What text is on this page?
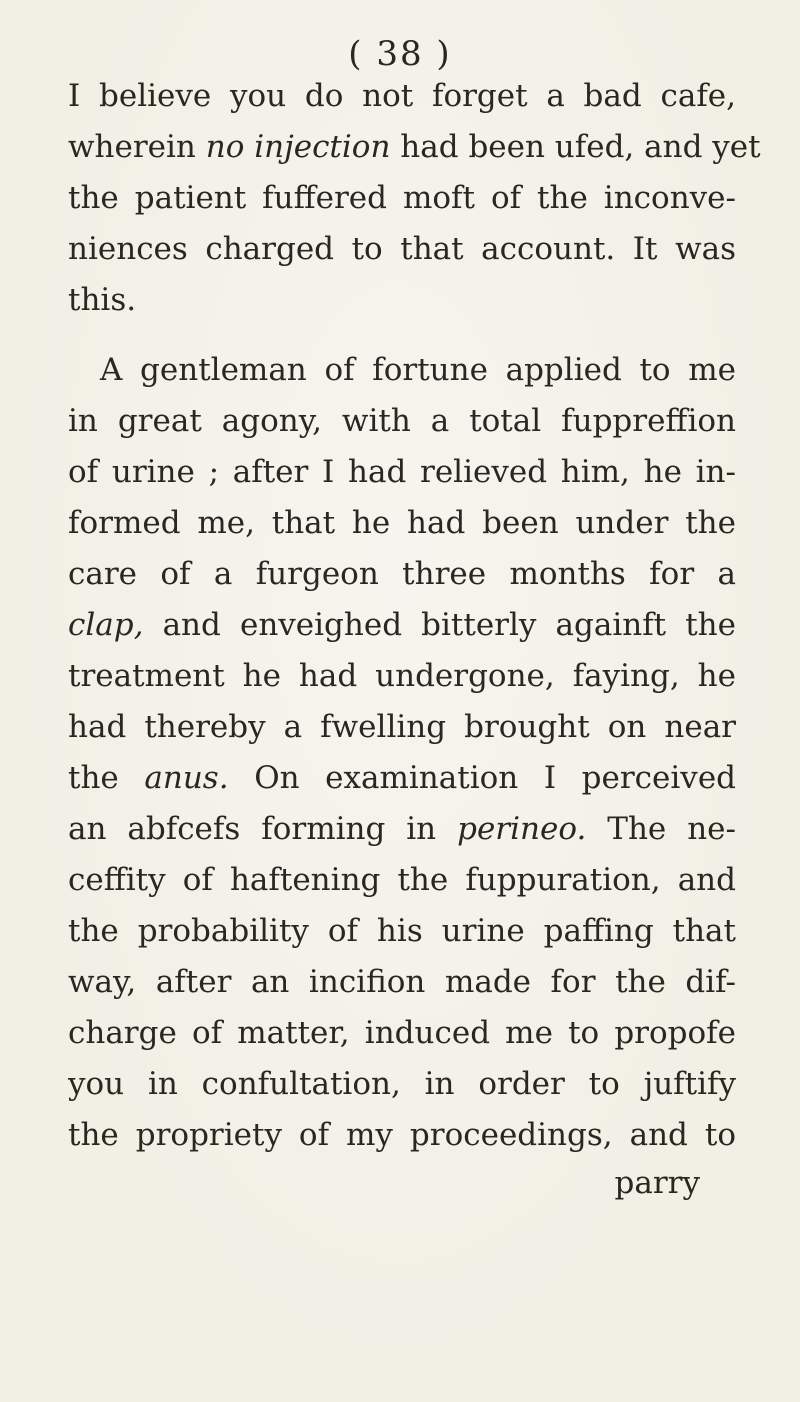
( 38 )
I believe you do not forget a bad cafe,
wherein no injection had been ufed, and yet
the patient fuffered moft of the inconve-
niences charged to that account. It was
this.
A gentleman of fortune applied to me
in great agony, with a total fuppreffion
of urine ; after I had relieved him, he in-
formed me, that he had been under the
care of a furgeon three months for a
clap, and enveighed bitterly againft the
treatment he had undergone, faying, he
had thereby a fwelling brought on near
the anus. On examination I perceived
an abfcefs forming in perineo. The ne-
ceffity of haftening the fuppuration, and
the probability of his urine paffing that
way, after an incifion made for the dif-
charge of matter, induced me to propofe
you in confultation, in order to juftify
the propriety of my proceedings, and to
parry
